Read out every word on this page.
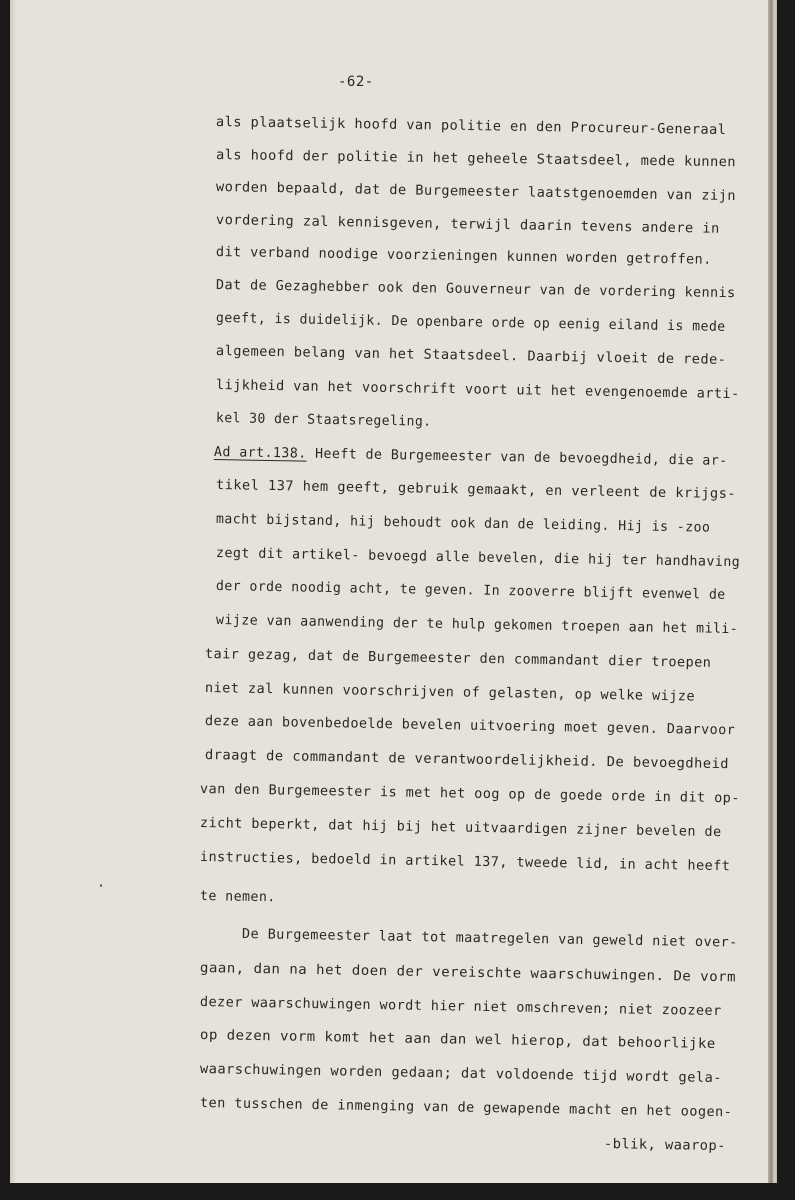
-62-
als plaatselijk hoofd van politie en den Procureur-Generaal
als hoofd der politie in het geheele Staatsdeel, mede kunnen
worden bepaald, dat de Burgemeester laatstgenoemden van zijn
vordering zal kennisgeven, terwijl daarin tevens andere in
dit verband noodige voorzieningen kunnen worden getroffen.
Dat de Gezaghebber ook den Gouverneur van de vordering kennis
geeft, is duidelijk. De openbare orde op eenig eiland is mede
algemeen belang van het Staatsdeel. Daarbij vloeit de rede-
lijkheid van het voorschrift voort uit het evengenoemde arti-
kel 30 der Staatsregeling.
Ad art.138. Heeft de Burgemeester van de bevoegdheid, die ar-
tikel 137 hem geeft, gebruik gemaakt, en verleent de krijgs-
macht bijstand, hij behoudt ook dan de leiding. Hij is -zoo
zegt dit artikel- bevoegd alle bevelen, die hij ter handhaving
der orde noodig acht, te geven. In zooverre blijft evenwel de
wijze van aanwending der te hulp gekomen troepen aan het mili-
tair gezag, dat de Burgemeester den commandant dier troepen
niet zal kunnen voorschrijven of gelasten, op welke wijze
deze aan bovenbedoelde bevelen uitvoering moet geven. Daarvoor
draagt de commandant de verantwoordelijkheid. De bevoegdheid
van den Burgemeester is met het oog op de goede orde in dit op-
zicht beperkt, dat hij bij het uitvaardigen zijner bevelen de
instructies, bedoeld in artikel 137, tweede lid, in acht heeft
te nemen.
De Burgemeester laat tot maatregelen van geweld niet over-
gaan, dan na het doen der vereischte waarschuwingen. De vorm
dezer waarschuwingen wordt hier niet omschreven; niet zoozeer
op dezen vorm komt het aan dan wel hierop, dat behoorlijke
waarschuwingen worden gedaan; dat voldoende tijd wordt gela-
ten tusschen de inmenging van de gewapende macht en het oogen-
-blik, waarop-
